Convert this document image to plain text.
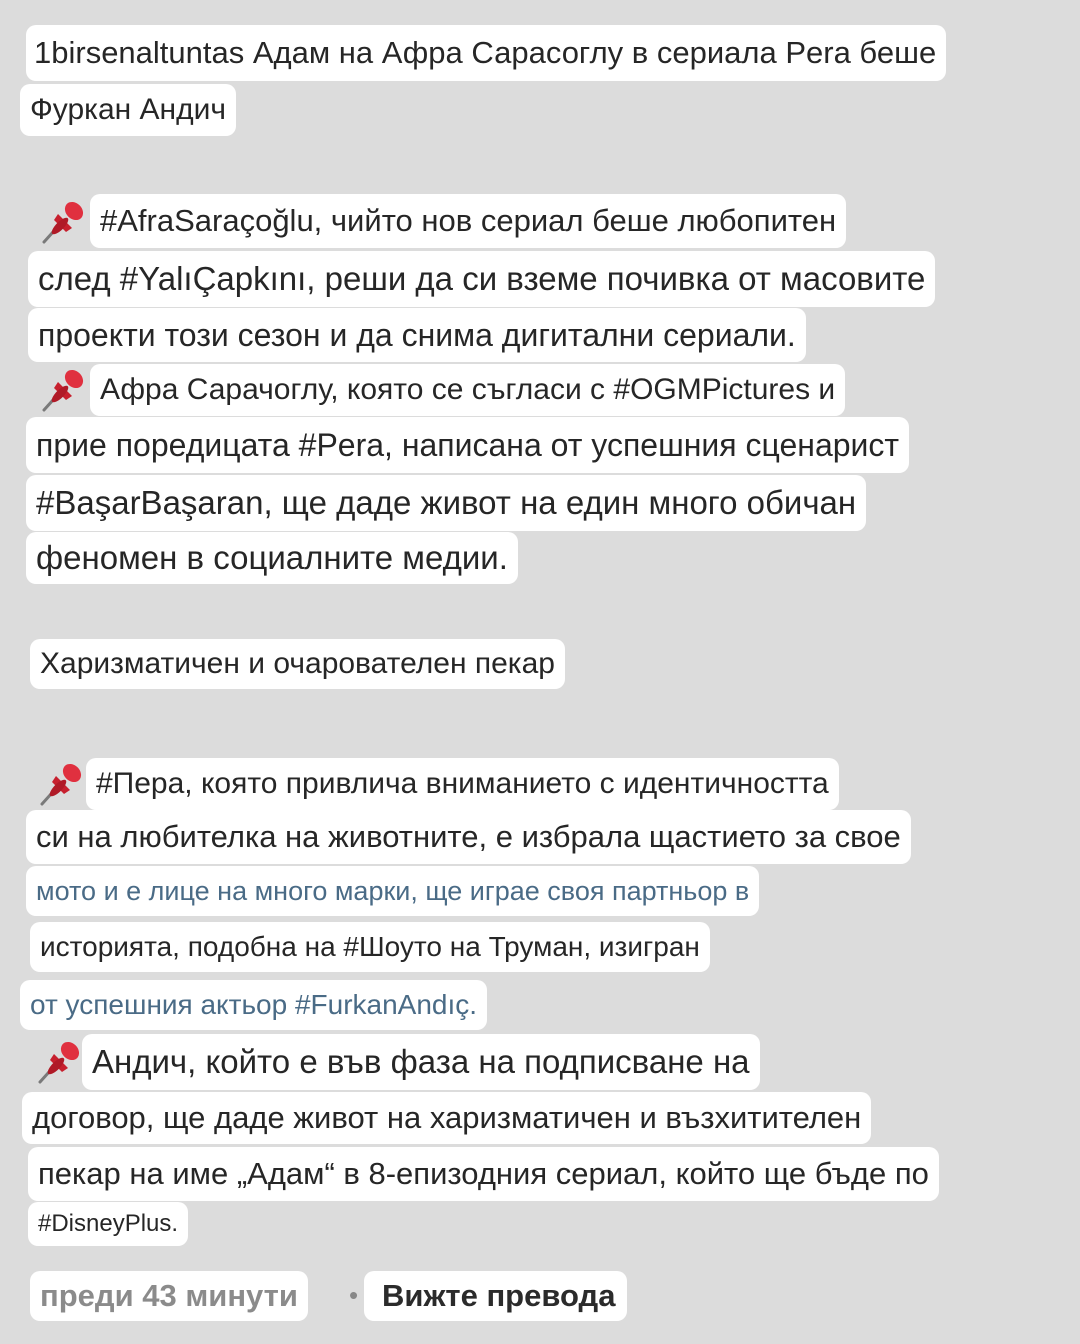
1birsenaltuntas Адам на Афра Сарасоглу в сериала Pera беше
Фуркан Андич
#AfraSaraçoğlu, чийто нов сериал беше любопитен
след #YalıÇapkını, реши да си вземе почивка от масовите
проекти този сезон и да снима дигитални сериали.
Афра Сарачоглу, която се съгласи с #OGMPictures и
прие поредицата #Pera, написана от успешния сценарист
#BaşarBaşaran, ще даде живот на един много обичан
феномен в социалните медии.
Харизматичен и очарователен пекар
#Пера, която привлича вниманието с идентичността
си на любителка на животните, е избрала щастието за свое
мото и е лице на много марки, ще играе своя партньор в
историята, подобна на #Шоуто на Труман, изигран
от успешния актьор #FurkanAndıç.
Андич, който е във фаза на подписване на
договор, ще даде живот на харизматичен и възхитителен
пекар на име „Адам“ в 8-епизодния сериал, който ще бъде по
#DisneyPlus.
преди 43 минути	• Вижте превода
